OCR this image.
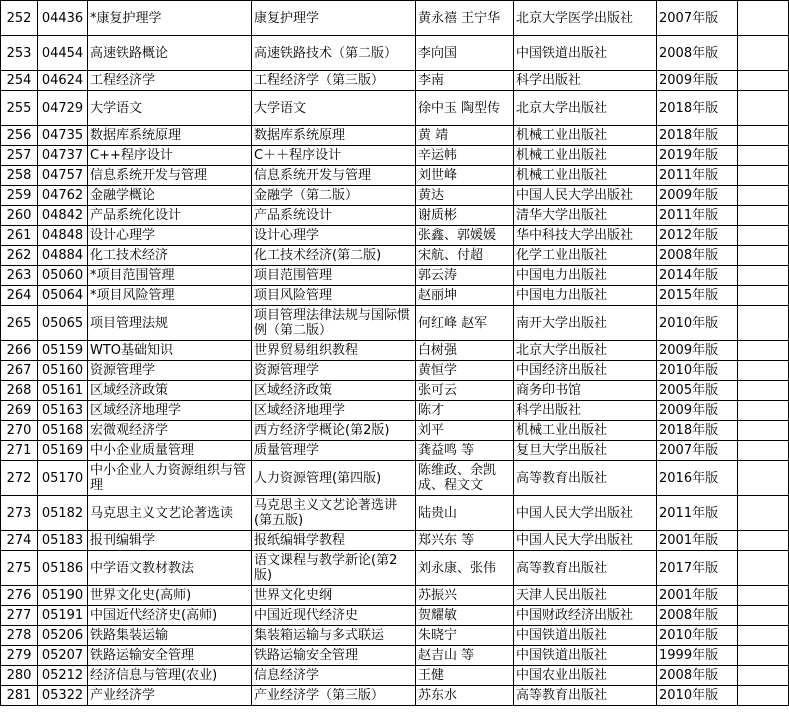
252	04436	*康复护理学	康复护理学	黄永禧 王宁华	北京大学医学出版社	2007年版	
253	04454	高速铁路概论	高速铁路技术（第二版）	李向国	中国铁道出版社	2008年版	
254	04624	工程经济学	工程经济学（第三版）	李南	科学出版社	2009年版	
255	04729	大学语文	大学语文	徐中玉 陶型传	北京大学出版社	2018年版	
256	04735	数据库系统原理	数据库系统原理	黄 靖	机械工业出版社	2018年版	
257	04737	C++程序设计	C＋＋程序设计	辛运帏	机械工业出版社	2019年版	
258	04757	信息系统开发与管理	信息系统开发与管理	刘世峰	机械工业出版社	2011年版	
259	04762	金融学概论	金融学（第二版）	黄达	中国人民大学出版社	2009年版	
260	04842	产品系统化设计	产品系统设计	谢质彬	清华大学出版社	2011年版	
261	04848	设计心理学	设计心理学	张鑫、郭媛媛	华中科技大学出版社	2012年版	
262	04884	化工技术经济	化工技术经济(第二版)	宋航、付超	化学工业出版社	2008年版	
263	05060	*项目范围管理	项目范围管理	郭云涛	中国电力出版社	2014年版	
264	05064	*项目风险管理	项目风险管理	赵丽坤	中国电力出版社	2015年版	
265	05065	项目管理法规	项目管理法律法规与国际惯例（第二版）	何红峰 赵军	南开大学出版社	2010年版	
266	05159	WTO基础知识	世界贸易组织教程	白树强	北京大学出版社	2009年版	
267	05160	资源管理学	资源管理学	黄恒学	中国经济出版社	2010年版	
268	05161	区域经济政策	区域经济政策	张可云	商务印书馆	2005年版	
269	05163	区域经济地理学	区域经济地理学	陈才	科学出版社	2009年版	
270	05168	宏微观经济学	西方经济学概论(第2版)	刘平	机械工业出版社	2018年版	
271	05169	中小企业质量管理	质量管理学	龚益鸣 等	复旦大学出版社	2007年版	
272	05170	中小企业人力资源组织与管理	人力资源管理(第四版)	陈维政、余凯成、程文文	高等教育出版社	2016年版	
273	05182	马克思主义文艺论著选读	马克思主义文艺论著选讲(第五版)	陆贵山	中国人民大学出版社	2011年版	
274	05183	报刊编辑学	报纸编辑学教程	郑兴东 等	中国人民大学出版社	2001年版	
275	05186	中学语文教材教法	语文课程与教学新论(第2版)	刘永康、张伟	高等教育出版社	2017年版	
276	05190	世界文化史(高师)	世界文化史纲	苏振兴	天津人民出版社	2001年版	
277	05191	中国近代经济史(高师)	中国近现代经济史	贺耀敏	中国财政经济出版社	2008年版	
278	05206	铁路集装运输	集装箱运输与多式联运	朱晓宁	中国铁道出版社	2010年版	
279	05207	铁路运输安全管理	铁路运输安全管理	赵吉山 等	中国铁道出版社	1999年版	
280	05212	经济信息与管理(农业)	信息经济学	王健	中国农业出版社	2008年版	
281	05322	产业经济学	产业经济学（第三版）	苏东水	高等教育出版社	2010年版	
